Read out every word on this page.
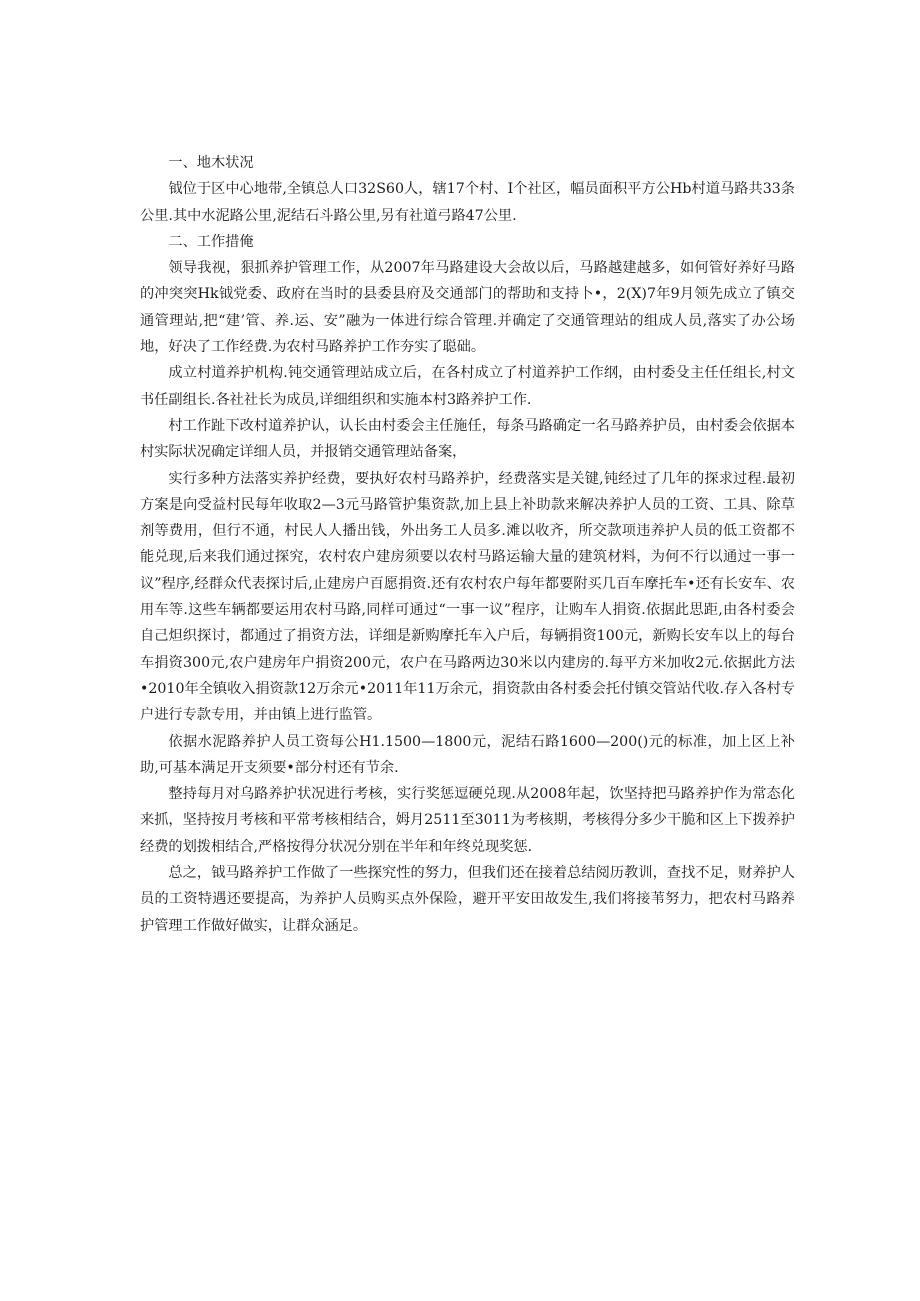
一、地木状况

钺位于区中心地带,全镇总人口32S60人，辖17个村、I个社区，幅员面积平方公Hb村道马路共33条公里.其中水泥路公里,泥结石斗路公里,另有社道弓路47公里.

二、工作措俺

领导我视，狠抓养护管理工作，从2007年马路建设大会故以后，马路越建越多，如何管好养好马路的冲突突Hk钺党委、政府在当时的县委县府及交通部门的帮助和支持卜•，2(X)7年9月领先成立了镇交通管理站,把“建’管、养.运、安”融为一体进行综合管理.并确定了交通管理站的组成人员,落实了办公场地，好决了工作经费.为农村马路养护工作夯实了聪础。

成立村道养护机构.钝交通管理站成立后，在各村成立了村道养护工作纲，由村委殳主任任组长,村文书任副组长.各社社长为成员,详细组织和实施本村3路养护工作.

村工作趾下改村道养护认，认长由村委会主任施任，每条马路确定一名马路养护员，由村委会依据本村实际状况确定详细人员，并报销交通管理站备案，

实行多种方法落实养护经费，要执好农村马路养护，经费落实是关键,钝经过了几年的探求过程.最初方案是向受益村民每年收取2—3元马路管护集资款,加上县上补助款来解决养护人员的工资、工具、除草剂等费用，但行不通，村民人人播出钱，外出务工人员多.滩以收齐，所交款项违养护人员的低工资都不能兑现,后来我们通过探究，农村农户建房须要以农村马路运输大量的建筑材料，为何不行以通过一事一议”程序,经群众代表探讨后,止建房户百愿捐资.还有农村农户每年都要附买几百车摩托车•还有长安车、农用车等.这些车辆都要运用农村马路,同样可通过“一事一议”程序，让购车人捐资.依据此思距,由各村委会自己炟织探讨，都通过了捐资方法，详细是新购摩托车入户后，每辆捐资100元，新购长安车以上的每台车捐资300元,农户建房年户捐资200元，农户在马路两边30米以内建房的.每平方米加收2元.依据此方法•2010年全镇收入捐资款12万余元•2011年11万余元，捐资款由各村委会托付镇交管站代收.存入各村专户进行专款专用，并由镇上进行监管。

依据水泥路养护人员工资每公H1.1500—1800元，泥结石路1600—200()元的标准，加上区上补助,可基本满足开支须要•部分村还有节余.

整持每月对乌路养护状况进行考核，实行奖惩逗硬兑现.从2008年起，饮坚持把马路养护作为常态化来抓，坚持按月考核和平常考核相结合，姆月2511至3011为考核期，考核得分多少干脆和区上下拨养护经费的划拨相结合,严格按得分状况分别在半年和年终兑现奖惩.

总之，钺马路养护工作做了一些探究性的努力，但我们还在接着总结阅历教训，查找不足，财养护人员的工资特遇还要提高，为养护人员购买点外保险，避开平安田故发生,我们将接苇努力，把农村马路养护管理工作做好做实，让群众涵足。
